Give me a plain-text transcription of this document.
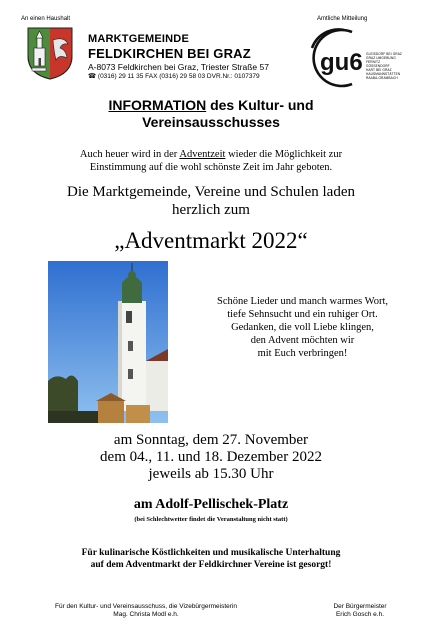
An einen Haushalt	Amtliche Mitteilung
MARKTGEMEINDE
FELDKIRCHEN BEI GRAZ
A-8073 Feldkirchen bei Graz, Triester Straße 57
☎ (0316) 29 11 35 FAX (0316) 29 58 03 DVR.Nr.: 0107379
gu6 GLEISDORF BEI GRAZ
GRAZ UMGEBUNG
FERNITZ
GÖSSENDORF
HART BEI GRAZ
HAUSMANNSTÄTTEN
RAABA-GRAMBACH
INFORMATION des Kultur- und
Vereinsausschusses
Auch heuer wird in der Adventzeit wieder die Möglichkeit zur
Einstimmung auf die wohl schönste Zeit im Jahr geboten.
Die Marktgemeinde, Vereine und Schulen laden
herzlich zum
„Adventmarkt 2022“
Schöne Lieder und manch warmes Wort,
tiefe Sehnsucht und ein ruhiger Ort.
Gedanken, die voll Liebe klingen,
den Advent möchten wir
mit Euch verbringen!
am Sonntag, dem 27. November
dem 04., 11. und 18. Dezember 2022
jeweils ab 15.30 Uhr
am Adolf-Pellischek-Platz
(bei Schlechtwetter findet die Veranstaltung nicht statt)
Für kulinarische Köstlichkeiten und musikalische Unterhaltung
auf dem Adventmarkt der Feldkirchner Vereine ist gesorgt!
Für den Kultur- und Vereinsausschuss, die Vizebürgermeisterin
Mag. Christa Modl e.h.
Der Bürgermeister
Erich Gosch e.h.
